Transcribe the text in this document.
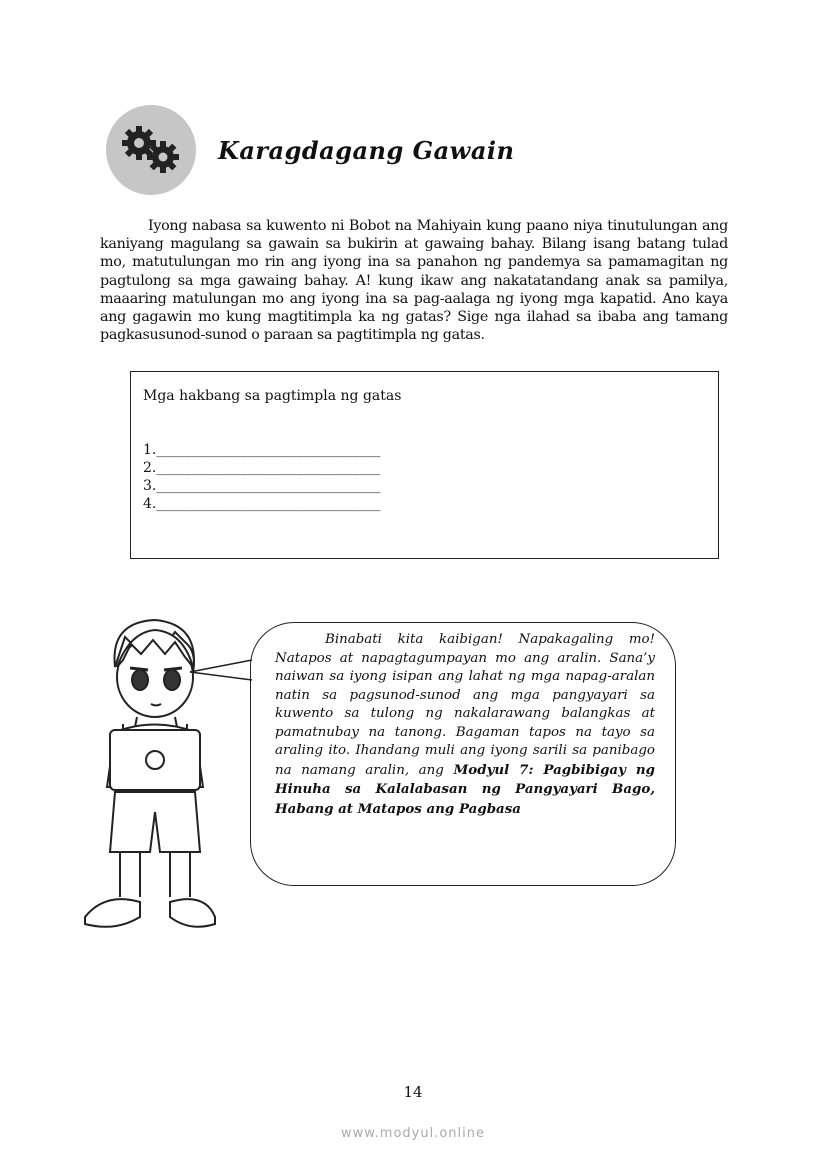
Karagdagang Gawain

Iyong nabasa sa kuwento ni Bobot na Mahiyain kung paano niya tinutulungan ang kaniyang magulang sa gawain sa bukirin at gawaing bahay. Bilang isang batang tulad mo, matutulungan mo rin ang iyong ina sa panahon ng pandemya sa pamamagitan ng pagtulong sa mga gawaing bahay. A! kung ikaw ang nakatatandang anak sa pamilya, maaaring matulungan mo ang iyong ina sa pag-aalaga ng iyong mga kapatid. Ano kaya ang gagawin mo kung magtitimpla ka ng gatas? Sige nga ilahad sa ibaba ang tamang pagkasusunod-sunod o paraan sa pagtitimpla ng gatas.

Mga hakbang sa pagtimpla ng gatas
1.________________________________
2.________________________________
3.________________________________
4.________________________________
Binabati kita kaibigan! Napakagaling mo! Natapos at napagtagumpayan mo ang aralin. Sana’y naiwan sa iyong isipan ang lahat ng mga napag-aralan natin sa pagsunod-sunod ang mga pangyayari sa kuwento sa tulong ng nakalarawang balangkas at pamatnubay na tanong. Bagaman tapos na tayo sa araling ito. Ihandang muli ang iyong sarili sa panibago na namang aralin, ang Modyul 7: Pagbibigay ng Hinuha sa Kalalabasan ng Pangyayari Bago, Habang at Matapos ang Pagbasa
14
www.modyul.online
